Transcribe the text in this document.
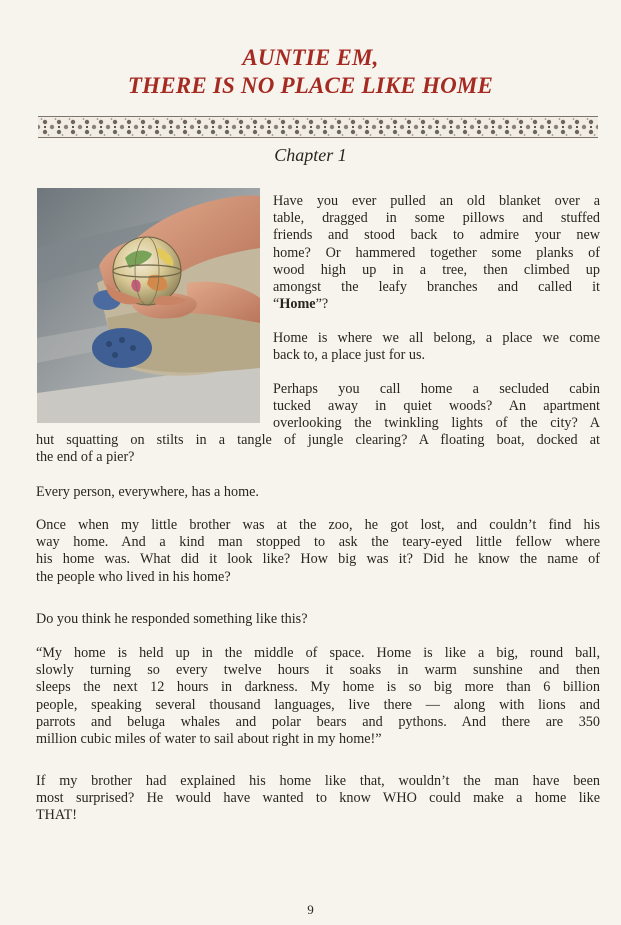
AUNTIE EM,
THERE IS NO PLACE LIKE HOME
Chapter 1

Have you ever pulled an old blanket over a

table, dragged in some pillows and stuffed

friends and stood back to admire your new

home? Or hammered together some planks of

wood high up in a tree, then climbed up

amongst the leafy branches and called it

“Home”?

Home is where we all belong, a place we come

back to, a place just for us.

Perhaps you call home a secluded cabin

tucked away in quiet woods? An apartment

overlooking the twinkling lights of the city? A

hut squatting on stilts in a tangle of jungle clearing? A floating boat, docked at

the end of a pier?

Every person, everywhere, has a home.

Once when my little brother was at the zoo, he got lost, and couldn’t find his

way home. And a kind man stopped to ask the teary-eyed little fellow where

his home was. What did it look like? How big was it? Did he know the name of

the people who lived in his home?

Do you think he responded something like this?

“My home is held up in the middle of space. Home is like a big, round ball,

slowly turning so every twelve hours it soaks in warm sunshine and then

sleeps the next 12 hours in darkness. My home is so big more than 6 billion

people, speaking several thousand languages, live there — along with lions and

parrots and beluga whales and polar bears and pythons. And there are 350

million cubic miles of water to sail about right in my home!”

If my brother had explained his home like that, wouldn’t the man have been

most surprised? He would have wanted to know WHO could make a home like

THAT!

9
